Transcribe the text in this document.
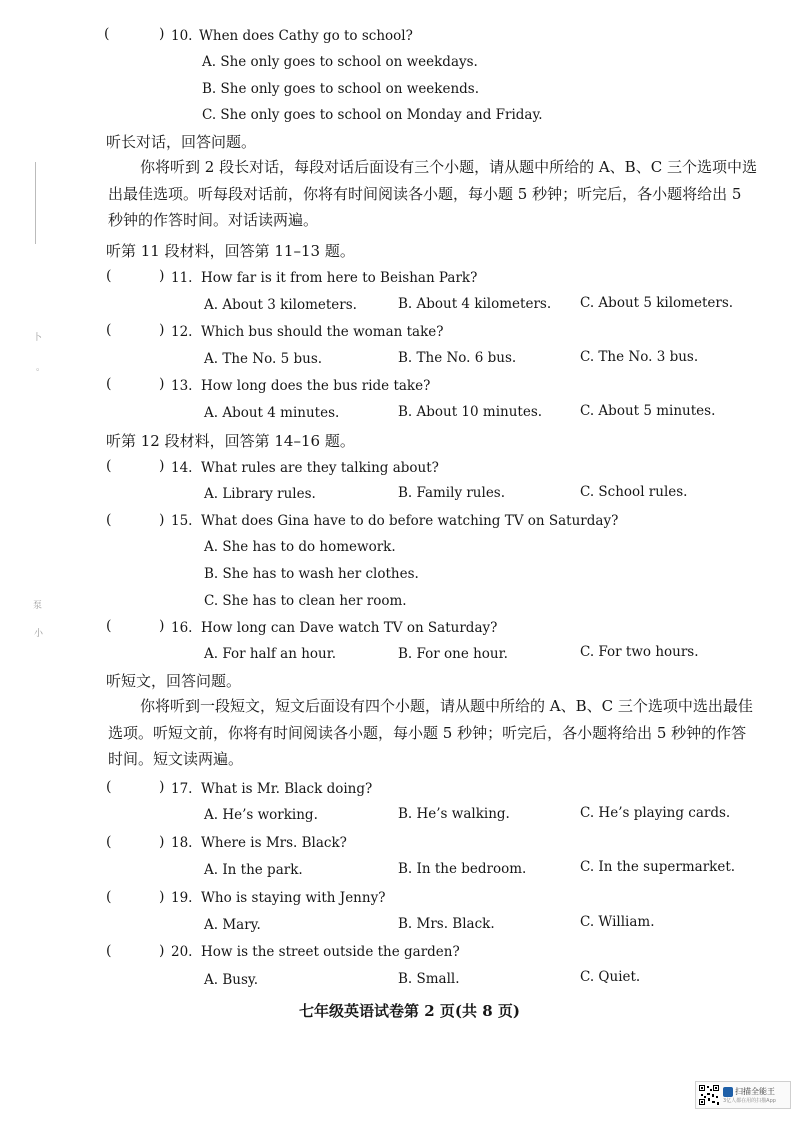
(	) 10. When does Cathy go to school?
A. She only goes to school on weekdays.
B. She only goes to school on weekends.
C. She only goes to school on Monday and Friday.
听长对话，回答问题。
你将听到 2 段长对话，每段对话后面设有三个小题，请从题中所给的 A、B、C 三个选项中选出最佳选项。听每段对话前，你将有时间阅读各小题，每小题 5 秒钟；听完后，各小题将给出 5 秒钟的作答时间。对话读两遍。
听第 11 段材料，回答第 11–13 题。
(	) 11. How far is it from here to Beishan Park?
A. About 3 kilometers.	B. About 4 kilometers. C. About 5 kilometers.
(	) 12. Which bus should the woman take?
A. The No. 5 bus.	B. The No. 6 bus.	C. The No. 3 bus.
(	) 13. How long does the bus ride take?
A. About 4 minutes.	B. About 10 minutes.	C. About 5 minutes.
听第 12 段材料，回答第 14–16 题。
(	) 14. What rules are they talking about?
A. Library rules.	B. Family rules.	C. School rules.
(	) 15. What does Gina have to do before watching TV on Saturday?
A. She has to do homework.
B. She has to wash her clothes.
C. She has to clean her room.
(	) 16. How long can Dave watch TV on Saturday?
A. For half an hour.	B. For one hour.	C. For two hours.
听短文，回答问题。
你将听到一段短文，短文后面设有四个小题，请从题中所给的 A、B、C 三个选项中选出最佳选项。听短文前，你将有时间阅读各小题，每小题 5 秒钟；听完后，各小题将给出 5 秒钟的作答时间。短文读两遍。
(	) 17. What is Mr. Black doing?
A. He’s working.	B. He’s walking.	C. He’s playing cards.
(	) 18. Where is Mrs. Black?
A. In the park.	B. In the bedroom.	C. In the supermarket.
(	) 19. Who is staying with Jenny?
A. Mary.	B. Mrs. Black.	C. William.
(	) 20. How is the street outside the garden?
A. Busy.	B. Small.	C. Quiet.
七年级英语试卷第 2 页(共 8 页)
扫描全能王
3亿人都在用的扫描App
卜
。
泵
小
